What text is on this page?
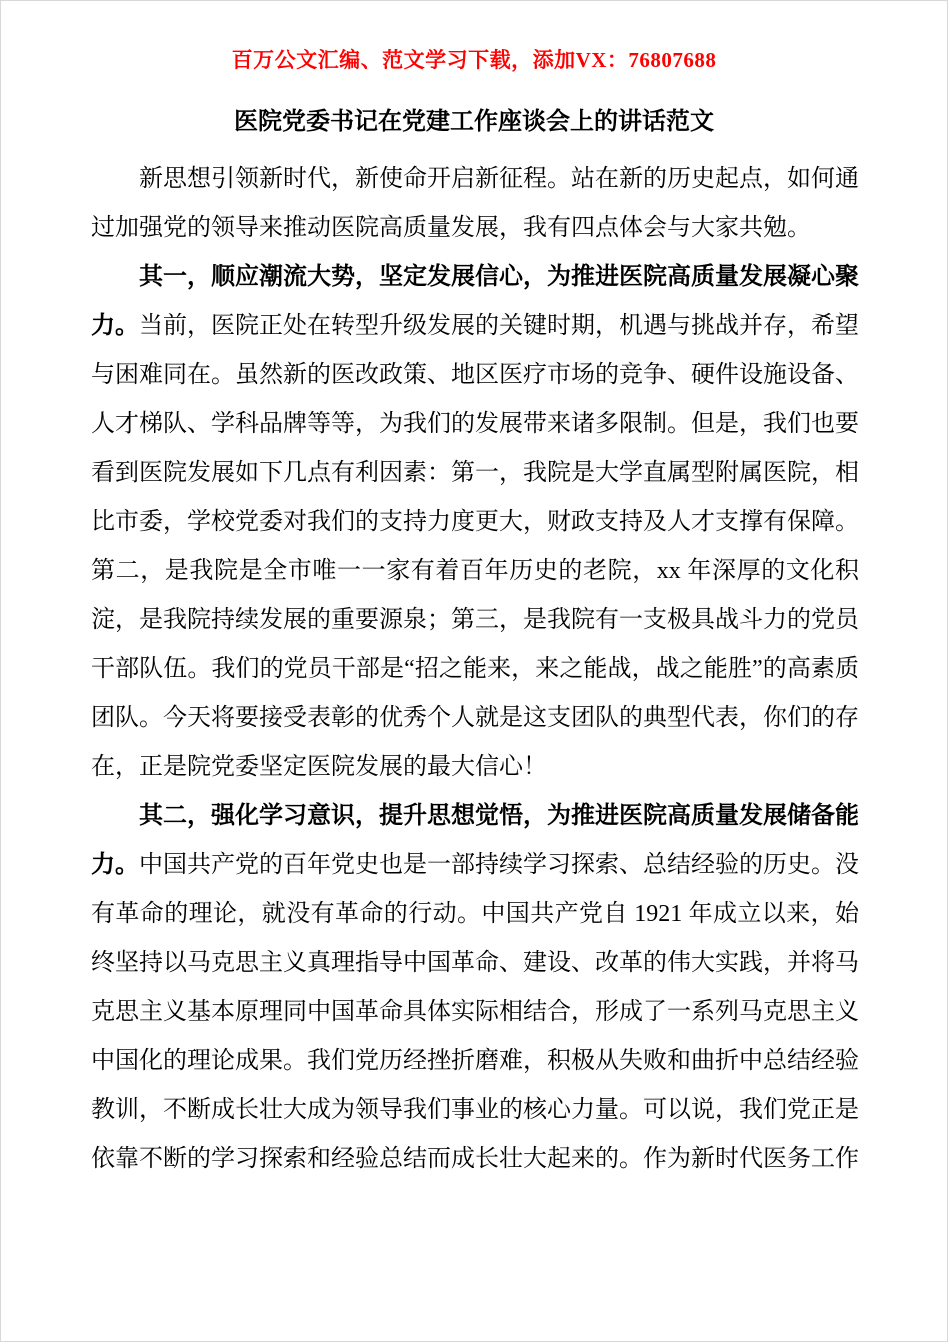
百万公文汇编、范文学习下载，添加VX：76807688
医院党委书记在党建工作座谈会上的讲话范文

新思想引领新时代，新使命开启新征程。站在新的历史起点，如何通过加强党的领导来推动医院高质量发展，我有四点体会与大家共勉。

其一，顺应潮流大势，坚定发展信心，为推进医院高质量发展凝心聚力。当前，医院正处在转型升级发展的关键时期，机遇与挑战并存，希望与困难同在。虽然新的医改政策、地区医疗市场的竞争、硬件设施设备、人才梯队、学科品牌等等，为我们的发展带来诸多限制。但是，我们也要看到医院发展如下几点有利因素：第一，我院是大学直属型附属医院，相比市委，学校党委对我们的支持力度更大，财政支持及人才支撑有保障。第二，是我院是全市唯一一家有着百年历史的老院，xx 年深厚的文化积淀，是我院持续发展的重要源泉；第三，是我院有一支极具战斗力的党员干部队伍。我们的党员干部是“招之能来，来之能战，战之能胜”的高素质团队。今天将要接受表彰的优秀个人就是这支团队的典型代表，你们的存在，正是院党委坚定医院发展的最大信心！

其二，强化学习意识，提升思想觉悟，为推进医院高质量发展储备能力。中国共产党的百年党史也是一部持续学习探索、总结经验的历史。没有革命的理论，就没有革命的行动。中国共产党自 1921 年成立以来，始终坚持以马克思主义真理指导中国革命、建设、改革的伟大实践，并将马克思主义基本原理同中国革命具体实际相结合，形成了一系列马克思主义中国化的理论成果。我们党历经挫折磨难，积极从失败和曲折中总结经验教训，不断成长壮大成为领导我们事业的核心力量。可以说，我们党正是依靠不断的学习探索和经验总结而成长壮大起来的。作为新时代医务工作
